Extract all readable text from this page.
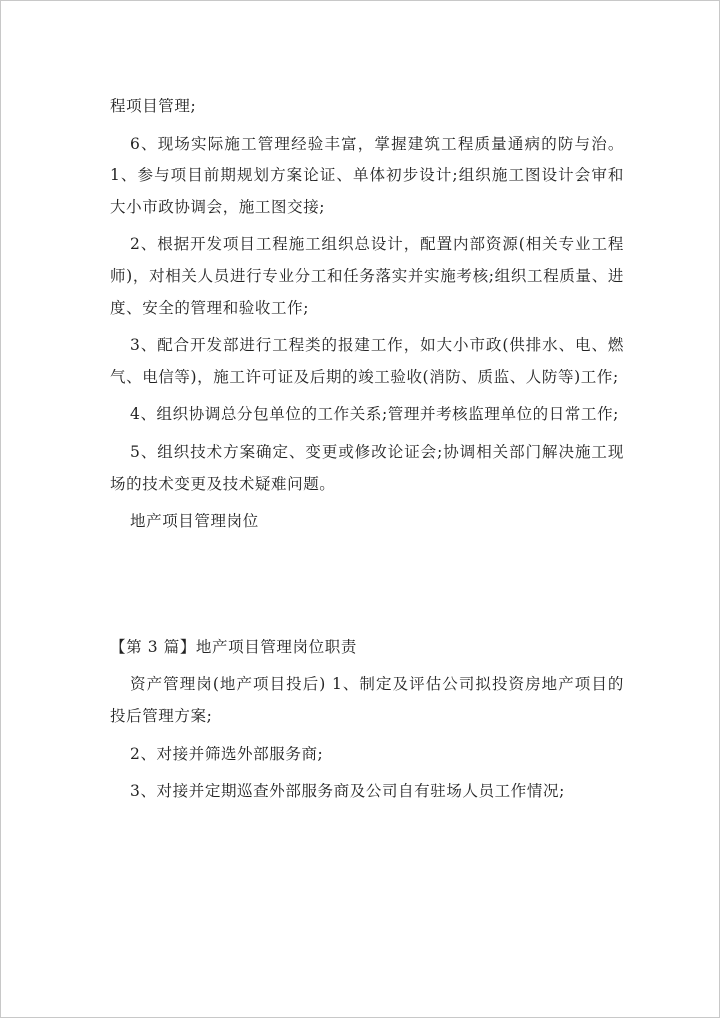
程项目管理;

6、现场实际施工管理经验丰富，掌握建筑工程质量通病的防与治。1、参与项目前期规划方案论证、单体初步设计;组织施工图设计会审和大小市政协调会，施工图交接;

2、根据开发项目工程施工组织总设计，配置内部资源(相关专业工程师)，对相关人员进行专业分工和任务落实并实施考核;组织工程质量、进度、安全的管理和验收工作;

3、配合开发部进行工程类的报建工作，如大小市政(供排水、电、燃气、电信等)，施工许可证及后期的竣工验收(消防、质监、人防等)工作;

4、组织协调总分包单位的工作关系;管理并考核监理单位的日常工作;

5、组织技术方案确定、变更或修改论证会;协调相关部门解决施工现场的技术变更及技术疑难问题。

地产项目管理岗位

【第 3 篇】地产项目管理岗位职责

资产管理岗(地产项目投后) 1、制定及评估公司拟投资房地产项目的投后管理方案;

2、对接并筛选外部服务商;

3、对接并定期巡查外部服务商及公司自有驻场人员工作情况;
